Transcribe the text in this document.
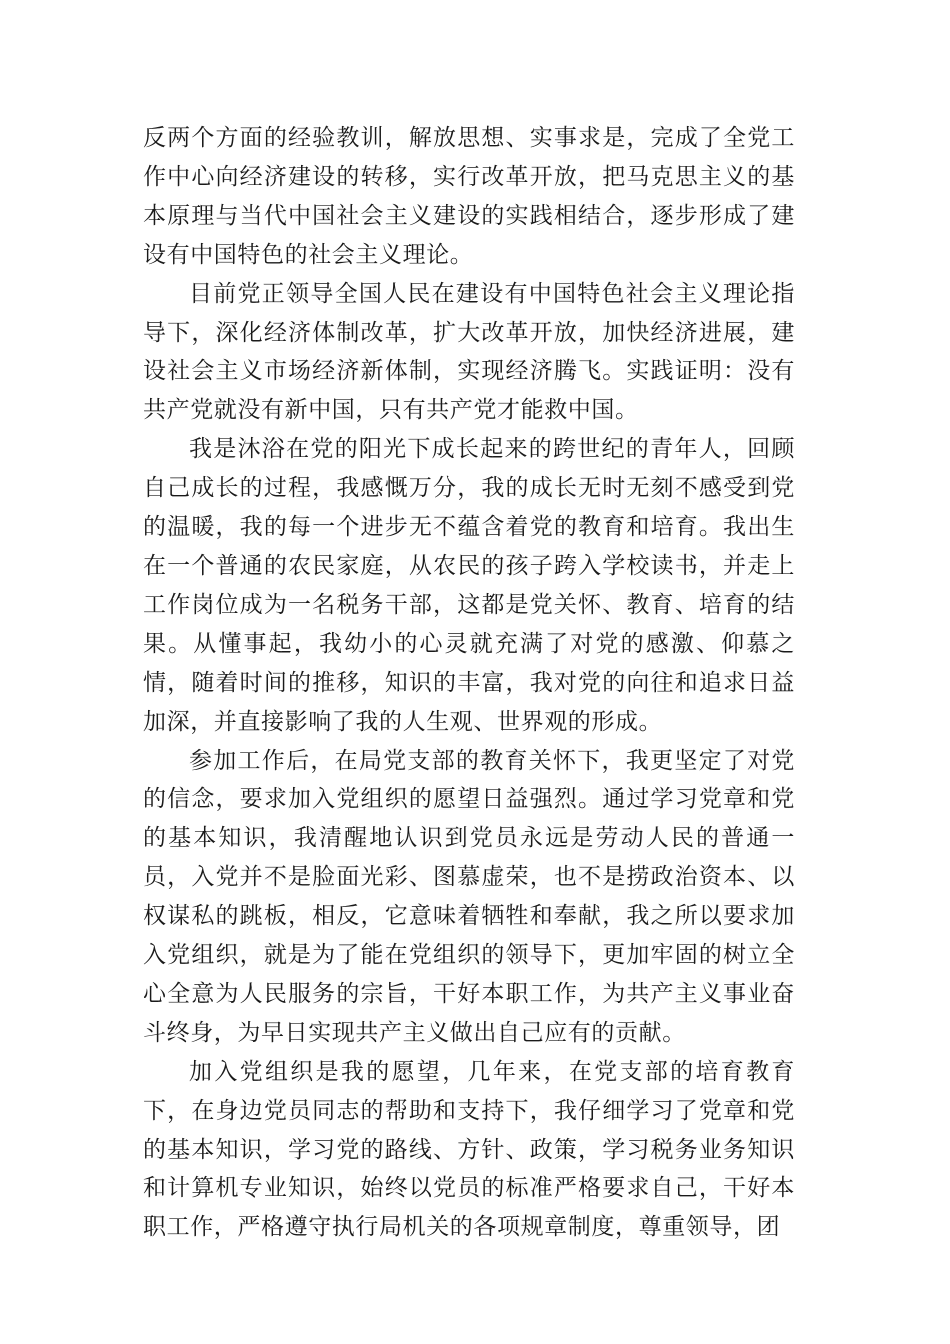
反两个方面的经验教训，解放思想、实事求是，完成了全党工作中心向经济建设的转移，实行改革开放，把马克思主义的基本原理与当代中国社会主义建设的实践相结合，逐步形成了建设有中国特色的社会主义理论。

目前党正领导全国人民在建设有中国特色社会主义理论指导下，深化经济体制改革，扩大改革开放，加快经济进展，建设社会主义市场经济新体制，实现经济腾飞。实践证明：没有共产党就没有新中国，只有共产党才能救中国。

我是沐浴在党的阳光下成长起来的跨世纪的青年人，回顾自己成长的过程，我感慨万分，我的成长无时无刻不感受到党的温暖，我的每一个进步无不蕴含着党的教育和培育。我出生在一个普通的农民家庭，从农民的孩子跨入学校读书，并走上工作岗位成为一名税务干部，这都是党关怀、教育、培育的结果。从懂事起，我幼小的心灵就充满了对党的感激、仰慕之情，随着时间的推移，知识的丰富，我对党的向往和追求日益加深，并直接影响了我的人生观、世界观的形成。

参加工作后，在局党支部的教育关怀下，我更坚定了对党的信念，要求加入党组织的愿望日益强烈。通过学习党章和党的基本知识，我清醒地认识到党员永远是劳动人民的普通一员，入党并不是脸面光彩、图慕虚荣，也不是捞政治资本、以权谋私的跳板，相反，它意味着牺牲和奉献，我之所以要求加入党组织，就是为了能在党组织的领导下，更加牢固的树立全心全意为人民服务的宗旨，干好本职工作，为共产主义事业奋斗终身，为早日实现共产主义做出自己应有的贡献。

加入党组织是我的愿望，几年来，在党支部的培育教育下，在身边党员同志的帮助和支持下，我仔细学习了党章和党的基本知识，学习党的路线、方针、政策，学习税务业务知识和计算机专业知识，始终以党员的标准严格要求自己，干好本职工作，严格遵守执行局机关的各项规章制度，尊重领导，团
